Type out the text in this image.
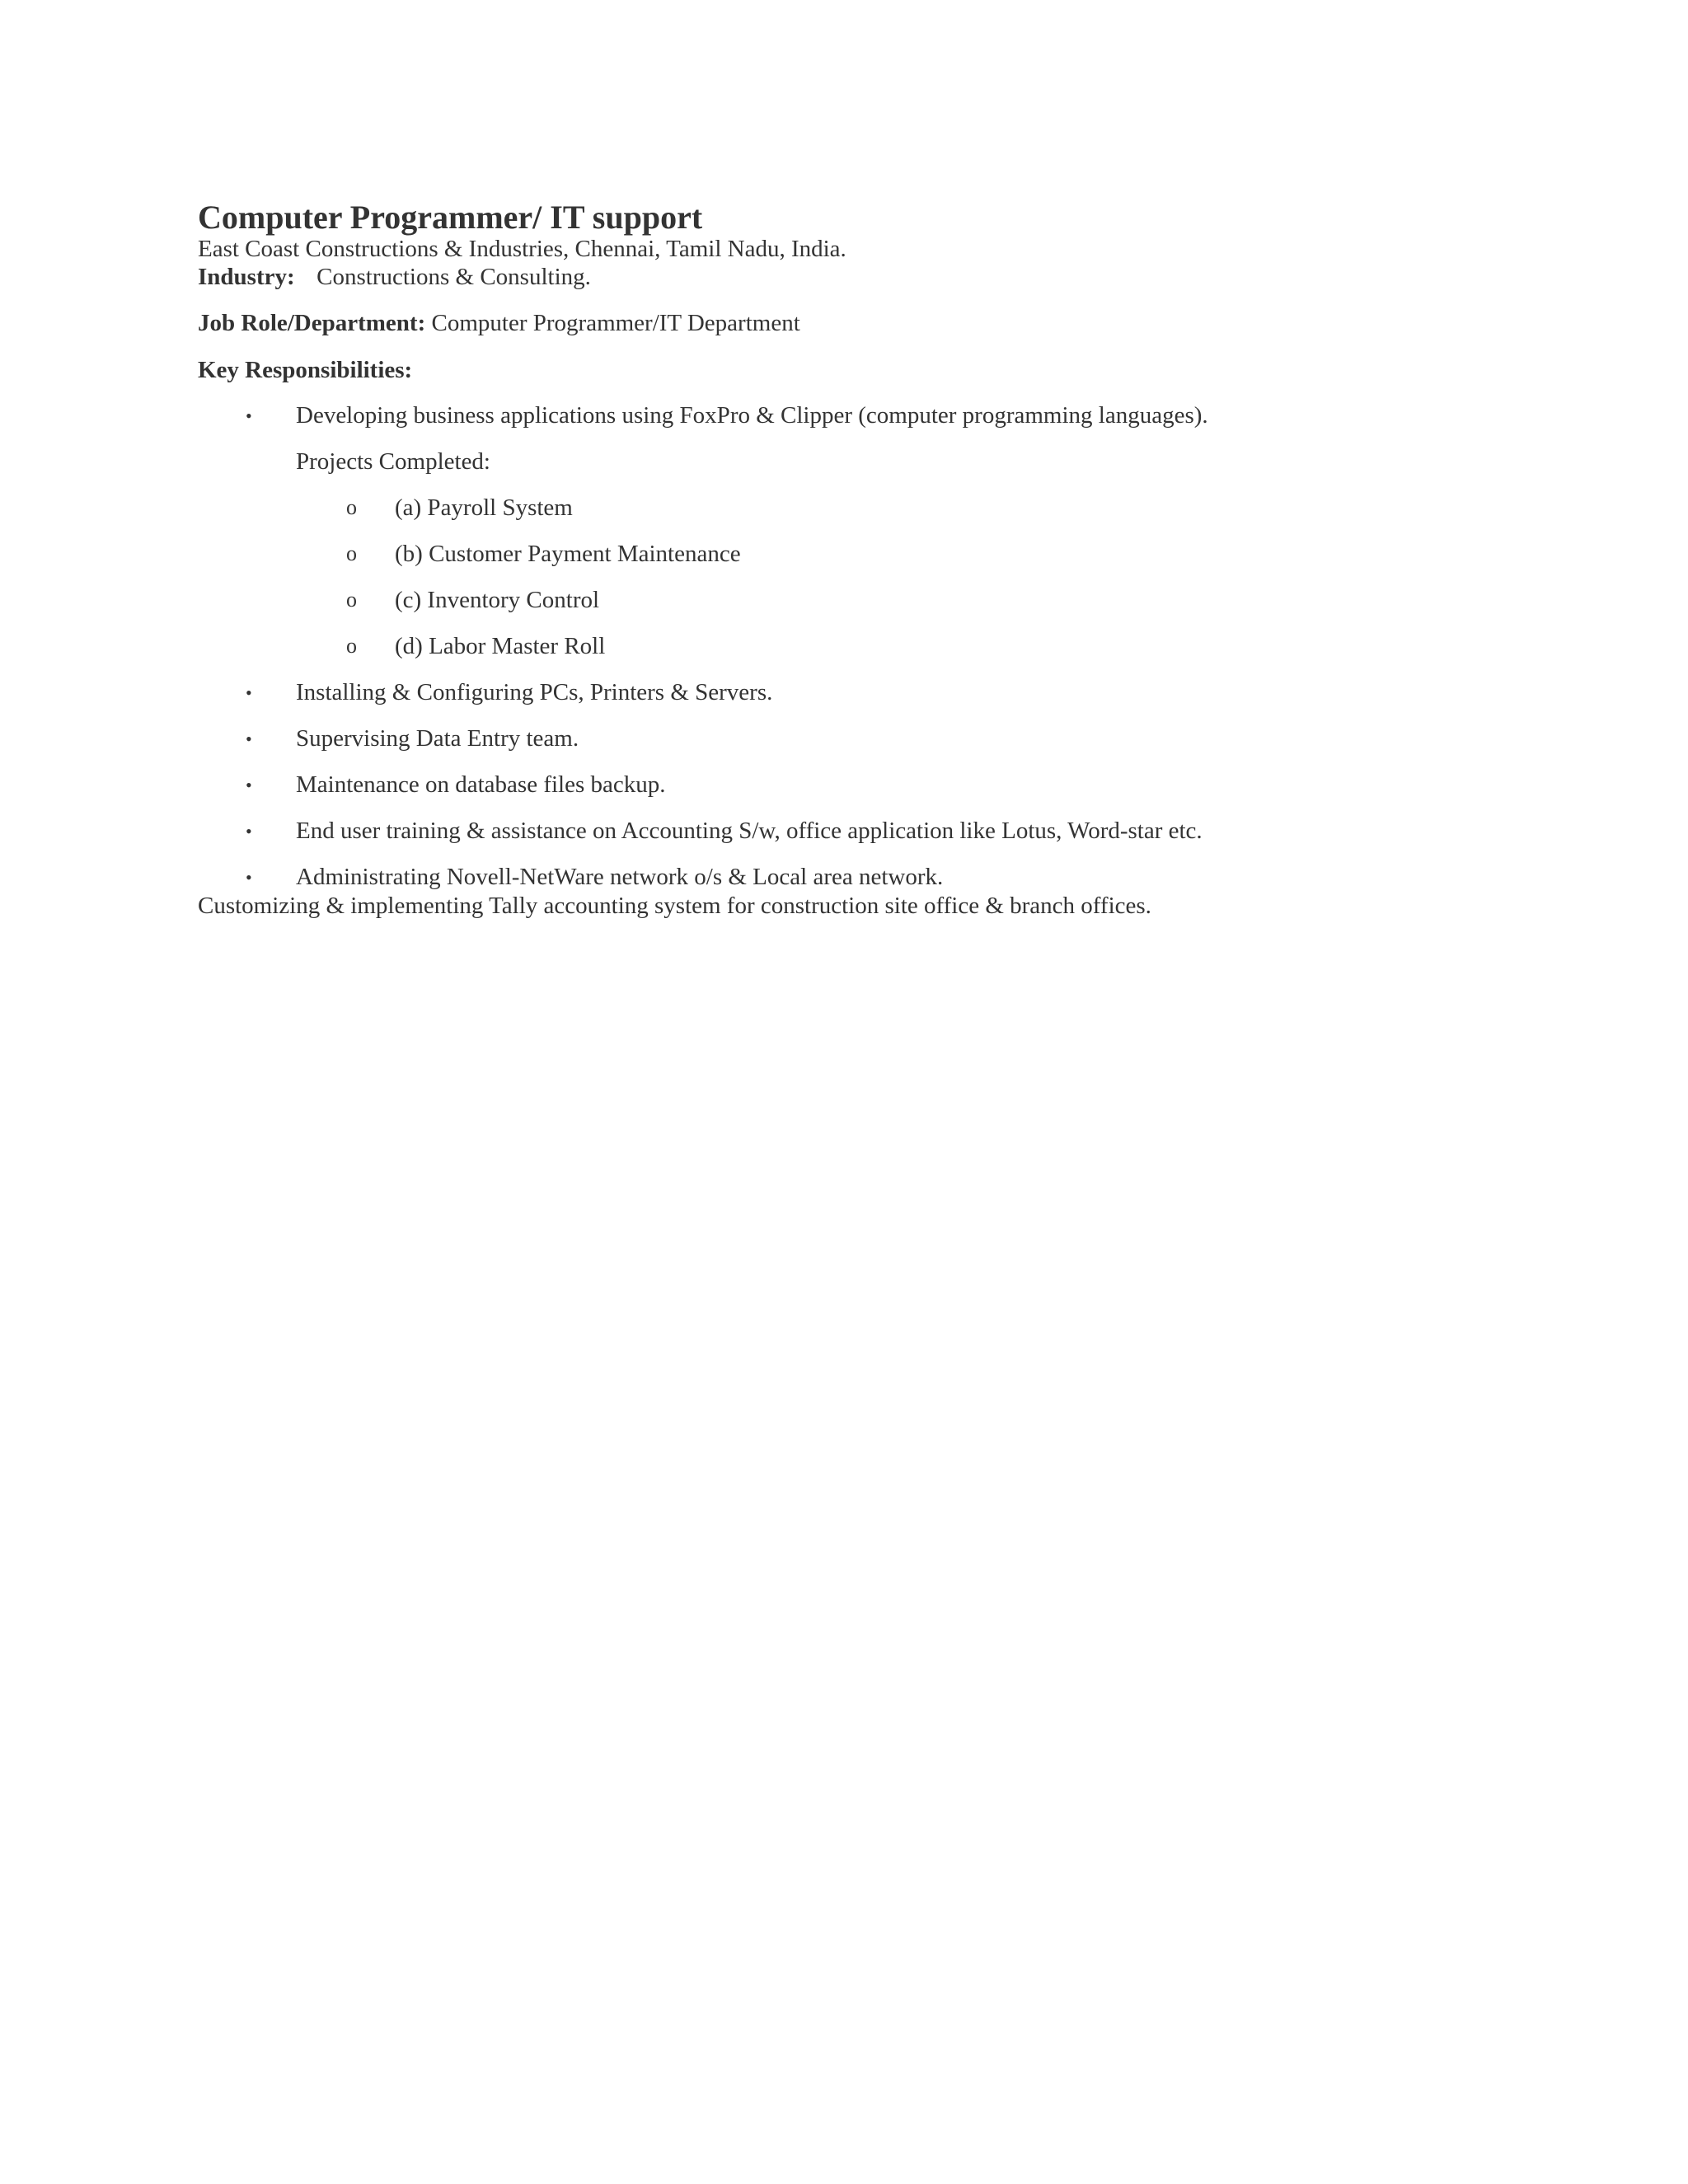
Computer Programmer/ IT support
East Coast Constructions & Industries, Chennai, Tamil Nadu, India.
Industry: Constructions & Consulting.
Job Role/Department: Computer Programmer/IT Department
Key Responsibilities:
• Developing business applications using FoxPro & Clipper (computer programming languages).
Projects Completed:
o (a) Payroll System
o (b) Customer Payment Maintenance
o (c) Inventory Control
o (d) Labor Master Roll
• Installing & Configuring PCs, Printers & Servers.
• Supervising Data Entry team.
• Maintenance on database files backup.
• End user training & assistance on Accounting S/w, office application like Lotus, Word-star etc.
• Administrating Novell-NetWare network o/s & Local area network.
Customizing & implementing Tally accounting system for construction site office & branch offices.
